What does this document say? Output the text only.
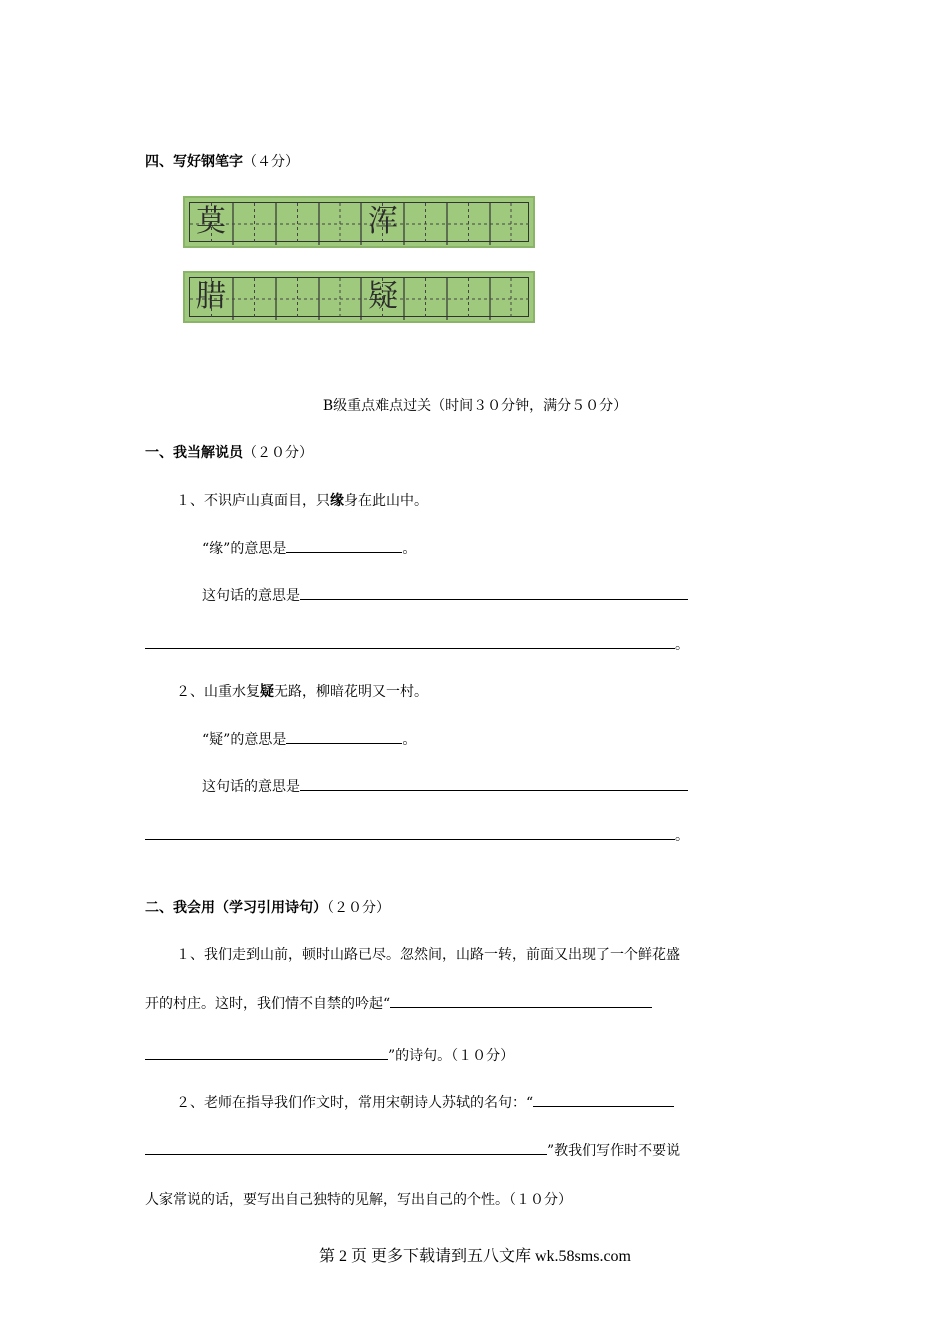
四、写好钢笔字（４分）
莫	浑
腊	疑
B级重点难点过关（时间３０分钟，满分５０分）
一、我当解说员（２０分）
１、不识庐山真面目，只缘身在此山中。
“缘”的意思是	。
这句话的意思是
。
２、山重水复疑无路，柳暗花明又一村。
“疑”的意思是	。
这句话的意思是
。
二、我会用（学习引用诗句）（２０分）
１、我们走到山前，顿时山路已尽。忽然间，山路一转，前面又出现了一个鲜花盛
开的村庄。这时，我们情不自禁的吟起“
”的诗句。（１０分）
２、老师在指导我们作文时，常用宋朝诗人苏轼的名句：“
”教我们写作时不要说
人家常说的话，要写出自己独特的见解，写出自己的个性。（１０分）
第 2 页 更多下载请到五八文库 wk.58sms.com
